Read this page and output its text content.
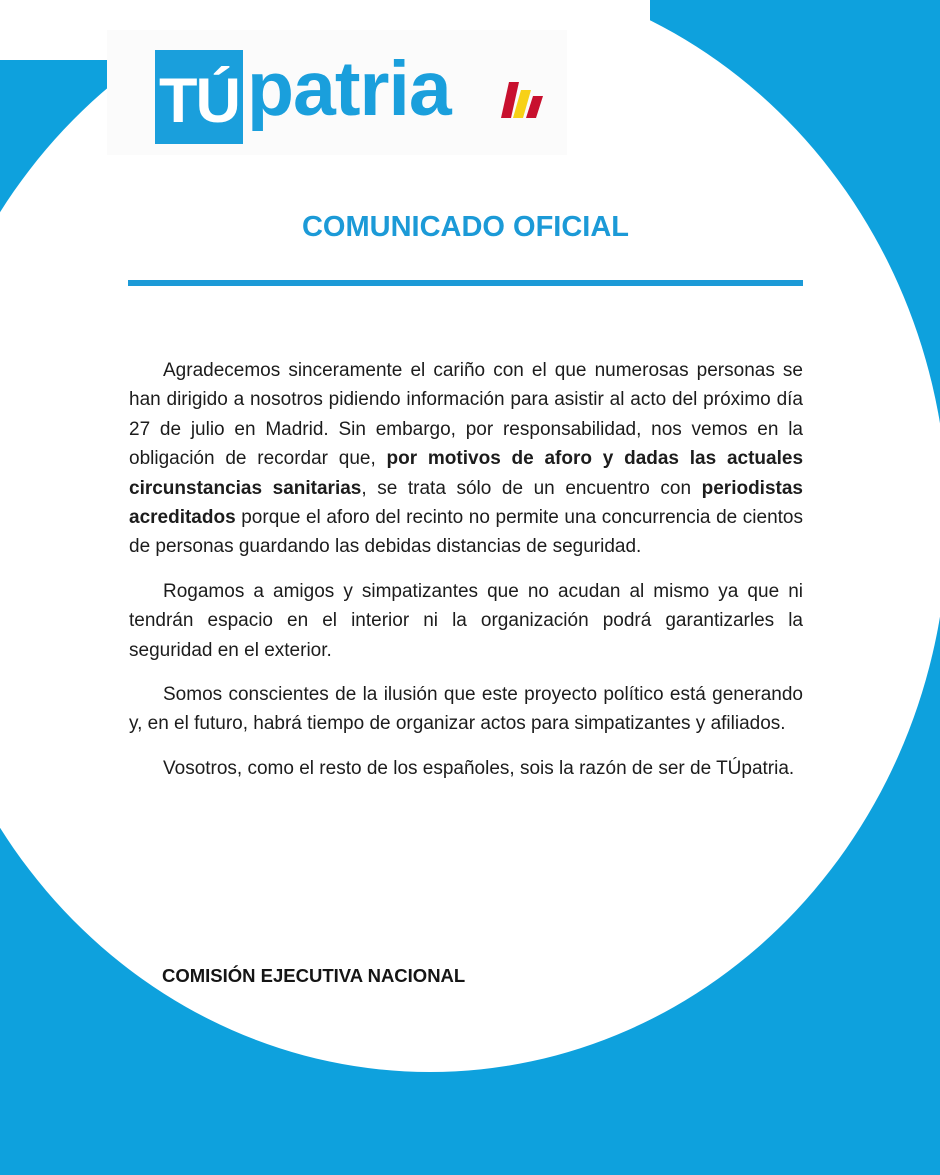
TÚ patria
COMUNICADO OFICIAL

Agradecemos sinceramente el cariño con el que numerosas personas se han dirigido a nosotros pidiendo información para asistir al acto del próximo día 27 de julio en Madrid. Sin embargo, por responsabilidad, nos vemos en la obligación de recordar que, por motivos de aforo y dadas las actuales circunstancias sanitarias, se trata sólo de un encuentro con periodistas acreditados porque el aforo del recinto no permite una concurrencia de cientos de personas guardando las debidas distancias de seguridad.

Rogamos a amigos y simpatizantes que no acudan al mismo ya que ni tendrán espacio en el interior ni la organización podrá garantizarles la seguridad en el exterior.

Somos conscientes de la ilusión que este proyecto político está generando y, en el futuro, habrá tiempo de organizar actos para simpatizantes y afiliados.

Vosotros, como el resto de los españoles, sois la razón de ser de TÚpatria.

COMISIÓN EJECUTIVA NACIONAL
